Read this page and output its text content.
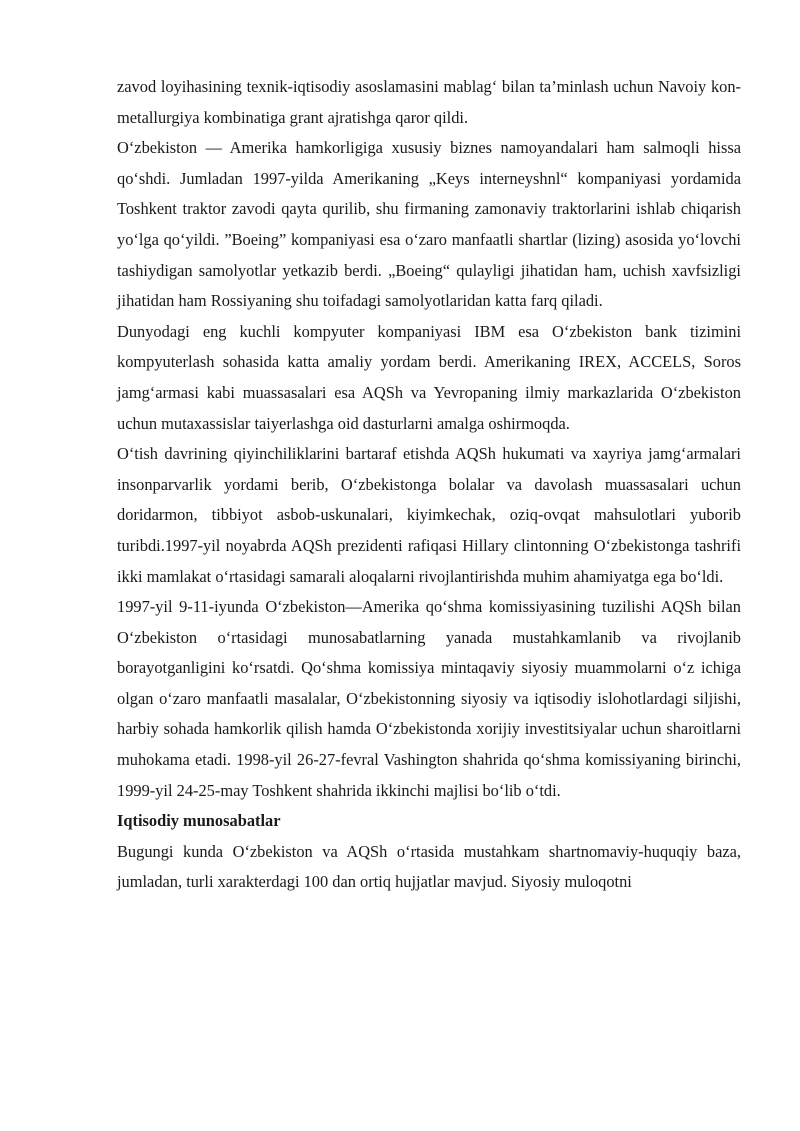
zavod loyihasining texnik-iqtisodiy asoslamasini mablag‘ bilan ta’minlash uchun Navoiy kon-metallurgiya kombinatiga grant ajratishga qaror qildi.

O‘zbekiston — Amerika hamkorligiga xususiy biznes namoyandalari ham salmoqli hissa qo‘shdi. Jumladan 1997-yilda Amerikaning „Keys interneyshnl“ kompaniyasi yordamida Toshkent traktor zavodi qayta qurilib, shu firmaning zamonaviy traktorlarini ishlab chiqarish yo‘lga qo‘yildi. ”Boeing” kompaniyasi esa o‘zaro manfaatli shartlar (lizing) asosida yo‘lovchi tashiydigan samolyotlar yetkazib berdi. „Boeing“ qulayligi jihatidan ham, uchish xavfsizligi jihatidan ham Rossiyaning shu toifadagi samolyotlaridan katta farq qiladi.

Dunyodagi eng kuchli kompyuter kompaniyasi IBM esa O‘zbekiston bank tizimini kompyuterlash sohasida katta amaliy yordam berdi. Amerikaning IREX, ACCELS, Soros jamg‘armasi kabi muassasalari esa AQSh va Yevropaning ilmiy markazlarida O‘zbekiston uchun mutaxassislar taiyerlashga oid dasturlarni amalga oshirmoqda.

O‘tish davrining qiyinchiliklarini bartaraf etishda AQSh hukumati va xayriya jamg‘armalari insonparvarlik yordami berib, O‘zbekistonga bolalar va davolash muassasalari uchun doridarmon, tibbiyot asbob-uskunalari, kiyimkechak, oziq-ovqat mahsulotlari yuborib turibdi.1997-yil noyabrda AQSh prezidenti rafiqasi Hillary clintonning O‘zbekistonga tashrifi ikki mamlakat o‘rtasidagi samarali aloqalarni rivojlantirishda muhim ahamiyatga ega bo‘ldi.

1997-yil 9-11-iyunda O‘zbekiston—Amerika qo‘shma komissiyasining tuzilishi AQSh bilan O‘zbekiston o‘rtasidagi munosabatlarning yanada mustahkamlanib va rivojlanib borayotganligini ko‘rsatdi. Qo‘shma komissiya mintaqaviy siyosiy muammolarni o‘z ichiga olgan o‘zaro manfaatli masalalar, O‘zbekistonning siyosiy va iqtisodiy islohotlardagi siljishi, harbiy sohada hamkorlik qilish hamda O‘zbekistonda xorijiy investitsiyalar uchun sharoitlarni muhokama etadi. 1998-yil 26-27-fevral Vashington shahrida qo‘shma komissiyaning birinchi, 1999-yil 24-25-may Toshkent shahrida ikkinchi majlisi bo‘lib o‘tdi.

Iqtisodiy munosabatlar

Bugungi kunda O‘zbekiston va AQSh o‘rtasida mustahkam shartnomaviy-huquqiy baza, jumladan, turli xarakterdagi 100 dan ortiq hujjatlar mavjud. Siyosiy muloqotni
